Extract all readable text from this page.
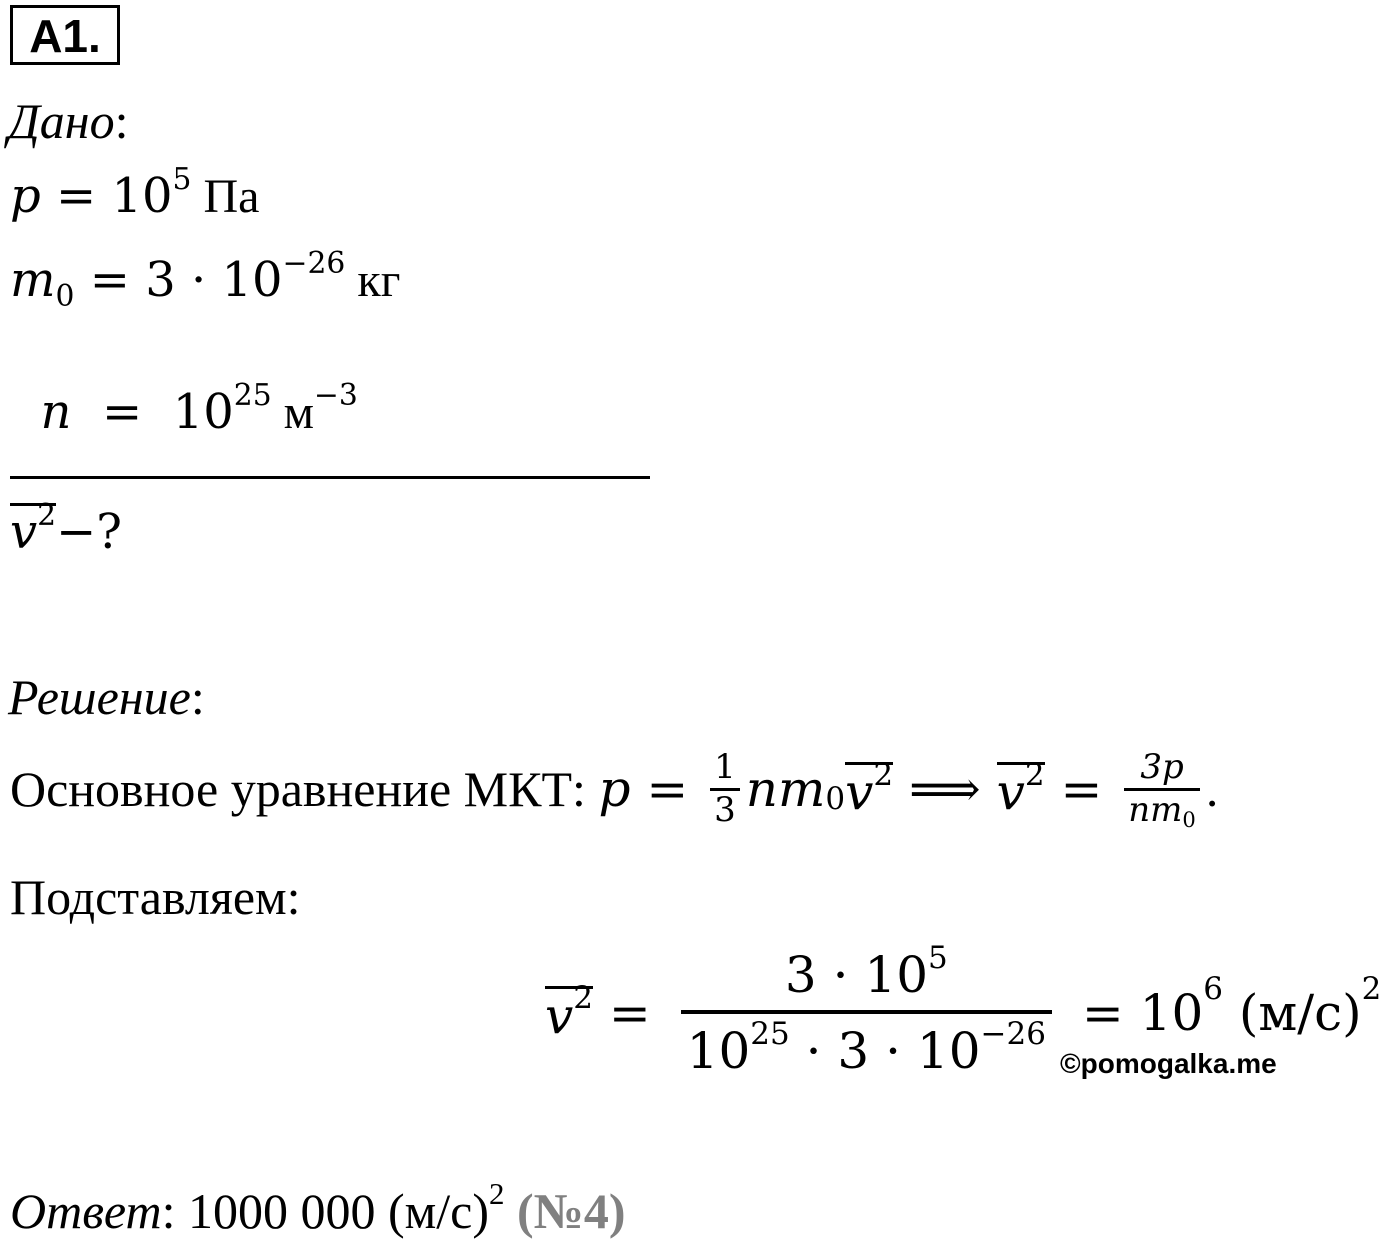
A1.
Дано:
$p = 10^5$ Па
$m_0 = 3 \cdot 10^{-26}$ кг

$n = 10^{25}$ $м^{-3}$

$v^2-$?
Решение:
Основное уравнение МКТ: $p = \frac{1}{3} nm_0$ $v^2$ ⟹ $v^2 = \frac{3p}{nm_0}$ .
Подставляем:
$v^2 = \frac{3 \cdot 10^5}{10^{25} \cdot 3 \cdot 10^{-26}} = 10^6$ $(м/с)^2$
©pomogalka.me
Ответ: 1000 000 $(м/с)^2$ (№4)
